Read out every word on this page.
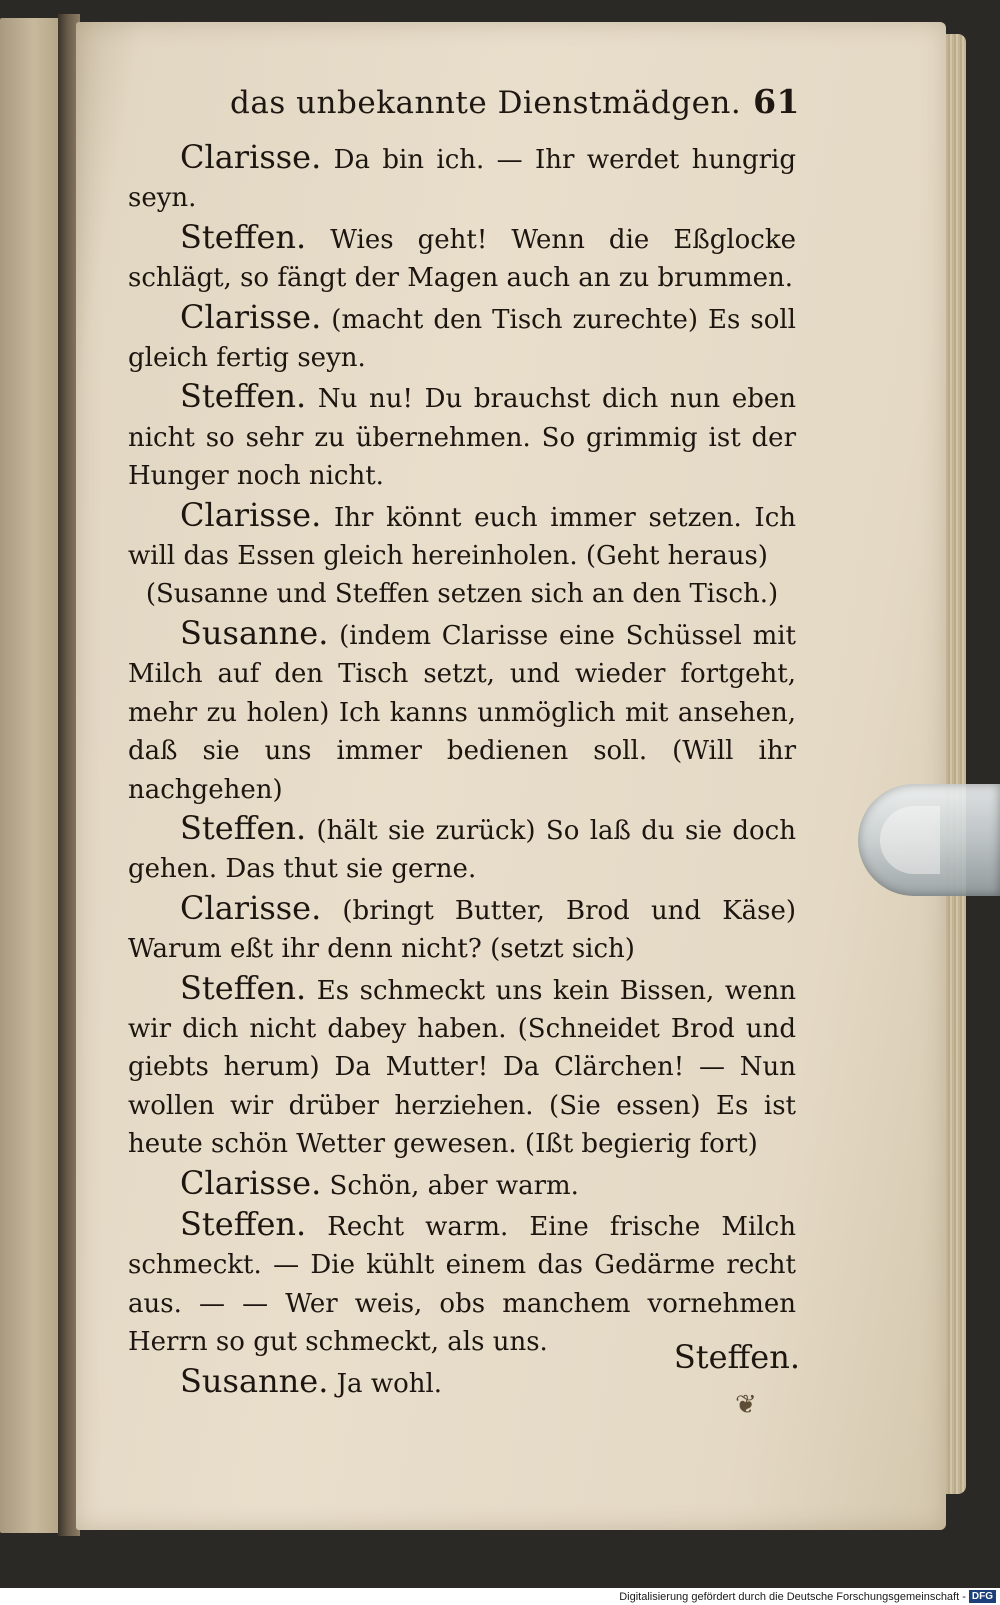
das unbekannte Dienstmädgen. 61

Clarisse. Da bin ich. — Ihr werdet hungrig seyn.

Steffen. Wies geht! Wenn die Eßglocke schlägt, so fängt der Magen auch an zu brummen.

Clarisse. (macht den Tisch zurechte) Es soll gleich fertig seyn.

Steffen. Nu nu! Du brauchst dich nun eben nicht so sehr zu übernehmen. So grimmig ist der Hunger noch nicht.

Clarisse. Ihr könnt euch immer setzen. Ich will das Essen gleich hereinholen. (Geht heraus)

(Susanne und Steffen setzen sich an den Tisch.)

Susanne. (indem Clarisse eine Schüssel mit Milch auf den Tisch setzt, und wieder fortgeht, mehr zu holen) Ich kanns unmöglich mit ansehen, daß sie uns immer bedienen soll. (Will ihr nachgehen)

Steffen. (hält sie zurück) So laß du sie doch gehen. Das thut sie gerne.

Clarisse. (bringt Butter, Brod und Käse) Warum eßt ihr denn nicht? (setzt sich)

Steffen. Es schmeckt uns kein Bissen, wenn wir dich nicht dabey haben. (Schneidet Brod und giebts herum) Da Mutter! Da Clärchen! — Nun wollen wir drüber herziehen. (Sie essen) Es ist heute schön Wetter gewesen. (Ißt begierig fort)

Clarisse. Schön, aber warm.

Steffen. Recht warm. Eine frische Milch schmeckt. — Die kühlt einem das Gedärme recht aus. — — Wer weis, obs manchem vornehmen Herrn so gut schmeckt, als uns.

Susanne. Ja wohl.

Steffen.
❦
Digitalisierung gefördert durch die Deutsche Forschungsgemeinschaft - DFG
